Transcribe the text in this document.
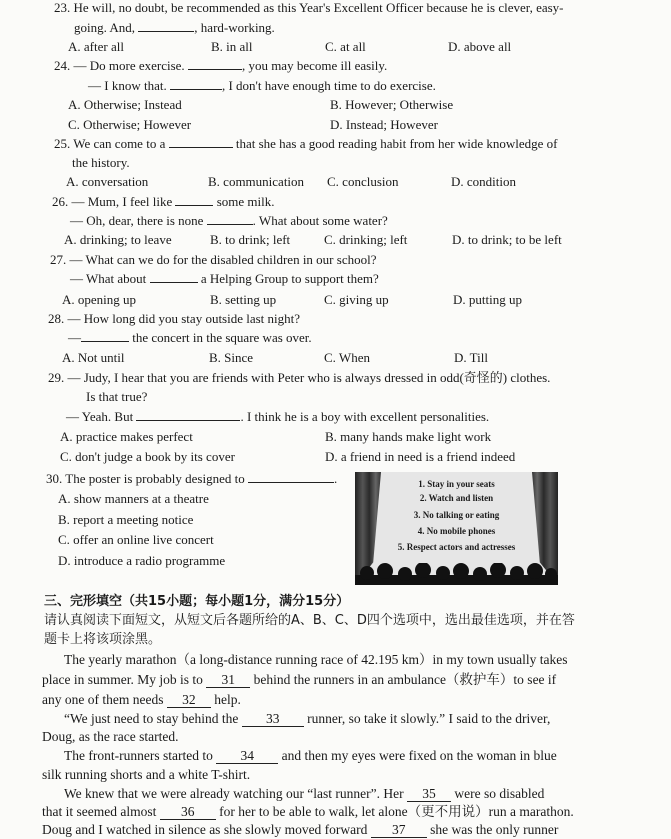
23. He will, no doubt, be recommended as this Year's Excellent Officer because he is clever, easy-
going. And,	, hard-working.
A. after all	B. in all	C. at all	D. above all
24. — Do more exercise.	, you may become ill easily.
— I know that.	, I don't have enough time to do exercise.
A. Otherwise; Instead	B. However; Otherwise
C. Otherwise; However	D. Instead; However
25. We can come to a	that she has a good reading habit from her wide knowledge of
the history.
A. conversation	B. communication C. conclusion	D. condition
26. — Mum, I feel like	some milk.
— Oh, dear, there is none	. What about some water?
A. drinking; to leave	B. to drink; left	C. drinking; left	D. to drink; to be left
27. — What can we do for the disabled children in our school?
— What about	a Helping Group to support them?
A. opening up	B. setting up	C. giving up	D. putting up
28. — How long did you stay outside last night?
—	the concert in the square was over.
A. Not until	B. Since	C. When	D. Till
29. — Judy, I hear that you are friends with Peter who is always dressed in odd(奇怪的) clothes.
Is that true?
— Yeah. But	. I think he is a boy with excellent personalities.
A. practice makes perfect	B. many hands make light work
C. don't judge a book by its cover	D. a friend in need is a friend indeed
30. The poster is probably designed to	.
A. show manners at a theatre
B. report a meeting notice
C. offer an online live concert
D. introduce a radio programme
1. Stay in your seats
2. Watch and listen
3. No talking or eating
4. No mobile phones
5. Respect actors and actresses
三、完形填空（共15小题；每小题1分，满分15分）
请认真阅读下面短文，从短文后各题所给的A、B、C、D四个选项中，选出最佳选项，并在答
题卡上将该项涂黑。
The yearly marathon（a long-distance running race of 42.195 km）in my town usually takes
place in summer. My job is to 31 behind the runners in an ambulance（救护车）to see if
any one of them needs 32 help.
“We just need to stay behind the 33 runner, so take it slowly.” I said to the driver,
Doug, as the race started.
The front-runners started to 34 and then my eyes were fixed on the woman in blue
silk running shorts and a white T-shirt.
We knew that we were already watching our “last runner”. Her 35 were so disabled
that it seemed almost 36 for her to be able to walk, let alone（更不用说）run a marathon.
Doug and I watched in silence as she slowly moved forward 37 she was the only runner
